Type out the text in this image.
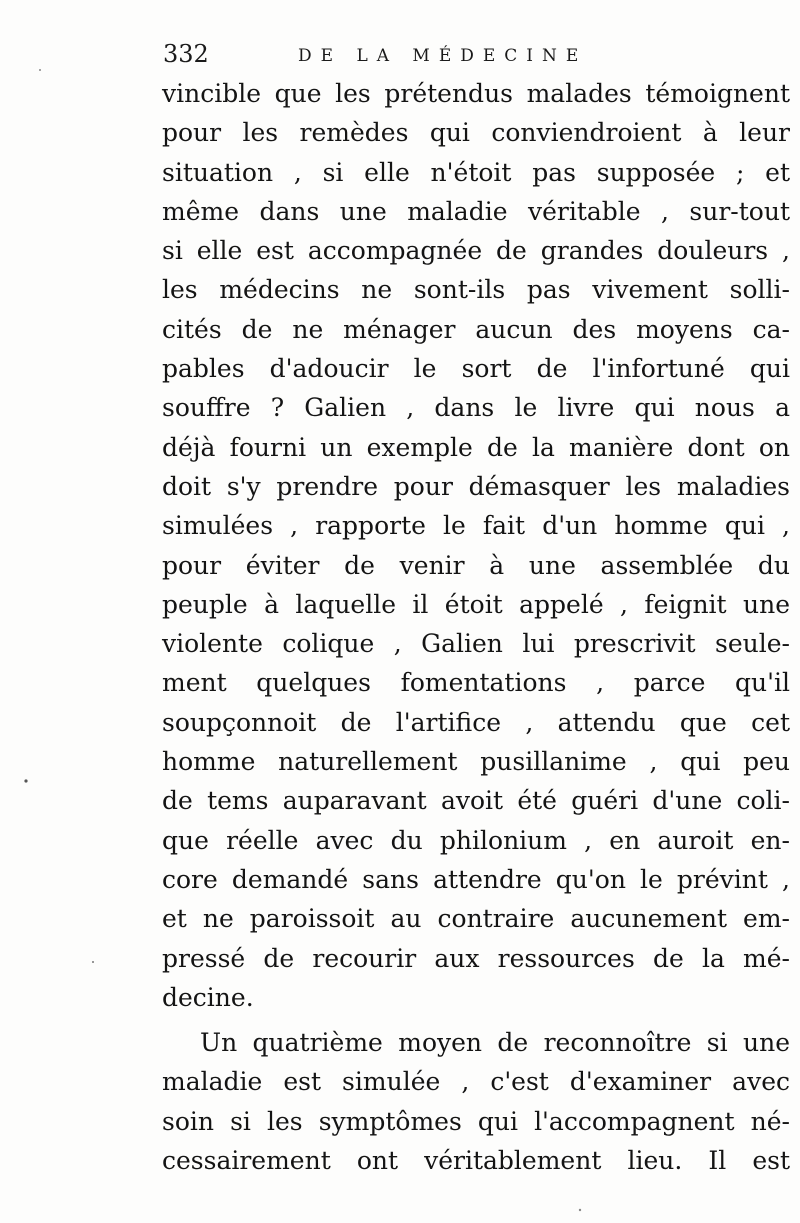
332	DE LA MÉDECINE
vincible que les prétendus malades témoignent
pour les remèdes qui conviendroient à leur
situation , si elle n'étoit pas supposée ; et
même dans une maladie véritable , sur-tout
si elle est accompagnée de grandes douleurs ,
les médecins ne sont-ils pas vivement solli-
cités de ne ménager aucun des moyens ca-
pables d'adoucir le sort de l'infortuné qui
souffre ? Galien , dans le livre qui nous a
déjà fourni un exemple de la manière dont on
doit s'y prendre pour démasquer les maladies
simulées , rapporte le fait d'un homme qui ,
pour éviter de venir à une assemblée du
peuple à laquelle il étoit appelé , feignit une
violente colique , Galien lui prescrivit seule-
ment quelques fomentations , parce qu'il
soupçonnoit de l'artifice , attendu que cet
homme naturellement pusillanime , qui peu
de tems auparavant avoit été guéri d'une coli-
que réelle avec du philonium , en auroit en-
core demandé sans attendre qu'on le prévint ,
et ne paroissoit au contraire aucunement em-
pressé de recourir aux ressources de la mé-
decine.
Un quatrième moyen de reconnoître si une
maladie est simulée , c'est d'examiner avec
soin si les symptômes qui l'accompagnent né-
cessairement ont véritablement lieu. Il est
